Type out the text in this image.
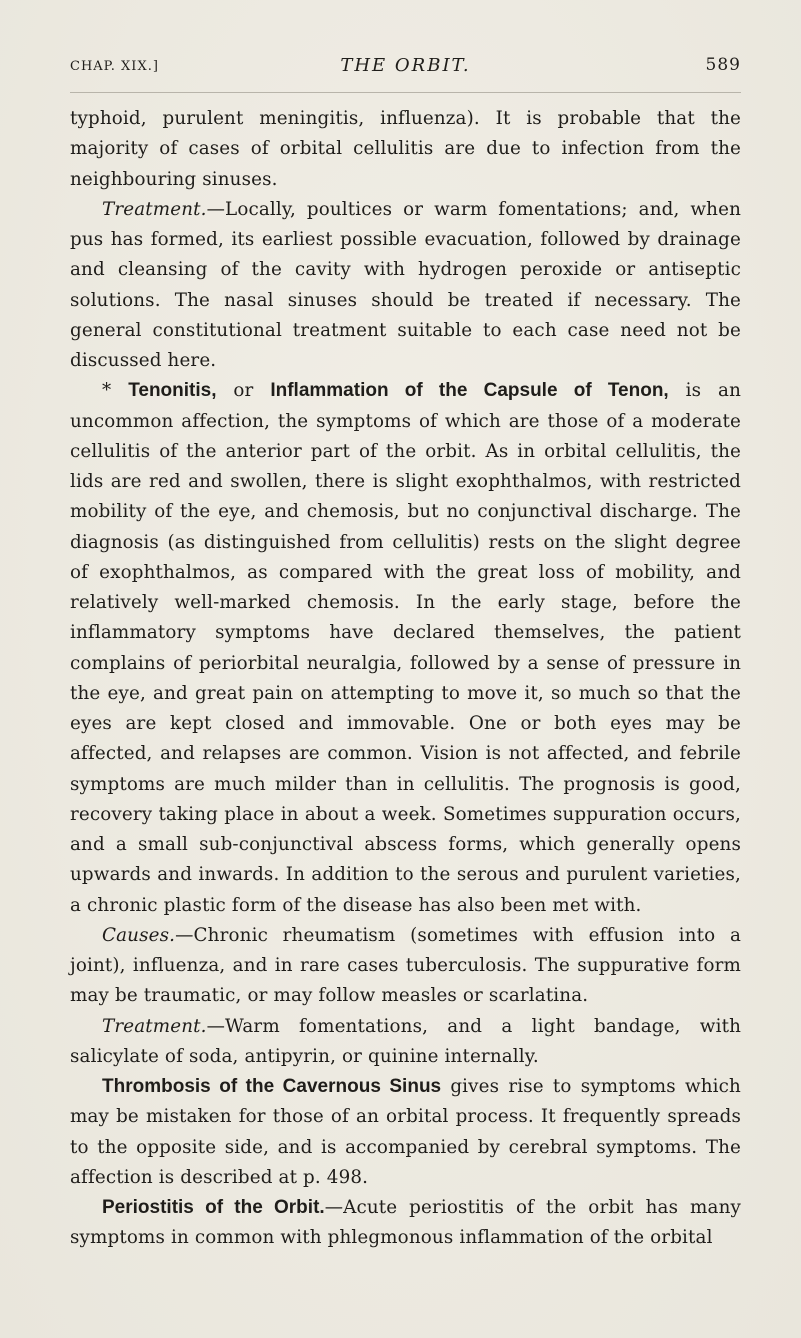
CHAP. XIX.]	THE ORBIT.	589

typhoid, purulent meningitis, influenza). It is probable that the majority of cases of orbital cellulitis are due to infection from the neighbouring sinuses.

Treatment.—Locally, poultices or warm fomentations; and, when pus has formed, its earliest possible evacuation, followed by drainage and cleansing of the cavity with hydrogen peroxide or antiseptic solutions. The nasal sinuses should be treated if necessary. The general constitutional treatment suitable to each case need not be discussed here.

* Tenonitis, or Inflammation of the Capsule of Tenon, is an uncommon affection, the symptoms of which are those of a moderate cellulitis of the anterior part of the orbit. As in orbital cellulitis, the lids are red and swollen, there is slight exophthalmos, with restricted mobility of the eye, and chemosis, but no conjunctival discharge. The diagnosis (as distinguished from cellulitis) rests on the slight degree of exophthalmos, as compared with the great loss of mobility, and relatively well-marked chemosis. In the early stage, before the inflammatory symptoms have declared themselves, the patient complains of periorbital neuralgia, followed by a sense of pressure in the eye, and great pain on attempting to move it, so much so that the eyes are kept closed and immovable. One or both eyes may be affected, and relapses are common. Vision is not affected, and febrile symptoms are much milder than in cellulitis. The prognosis is good, recovery taking place in about a week. Sometimes suppuration occurs, and a small sub-conjunctival abscess forms, which generally opens upwards and inwards. In addition to the serous and purulent varieties, a chronic plastic form of the disease has also been met with.

Causes.—Chronic rheumatism (sometimes with effusion into a joint), influenza, and in rare cases tuberculosis. The suppurative form may be traumatic, or may follow measles or scarlatina.

Treatment.—Warm fomentations, and a light bandage, with salicylate of soda, antipyrin, or quinine internally.

Thrombosis of the Cavernous Sinus gives rise to symptoms which may be mistaken for those of an orbital process. It frequently spreads to the opposite side, and is accompanied by cerebral symptoms. The affection is described at p. 498.

Periostitis of the Orbit.—Acute periostitis of the orbit has many symptoms in common with phlegmonous inflammation of the orbital
